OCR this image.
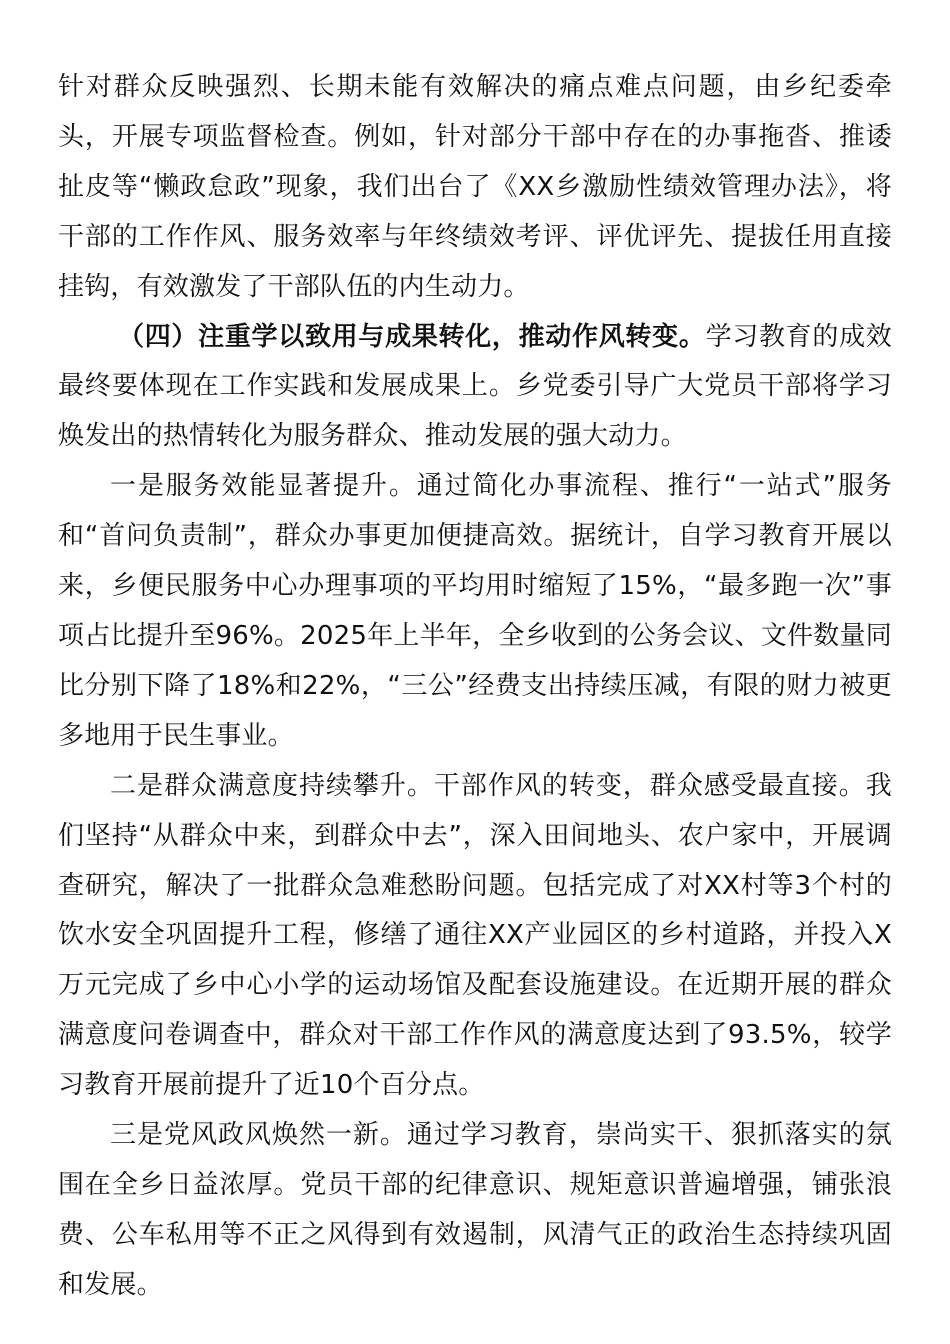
针对群众反映强烈、长期未能有效解决的痛点难点问题，由乡纪委牵头，开展专项监督检查。例如，针对部分干部中存在的办事拖沓、推诿扯皮等“懒政怠政”现象，我们出台了《XX乡激励性绩效管理办法》，将干部的工作作风、服务效率与年终绩效考评、评优评先、提拔任用直接挂钩，有效激发了干部队伍的内生动力。

（四）注重学以致用与成果转化，推动作风转变。学习教育的成效最终要体现在工作实践和发展成果上。乡党委引导广大党员干部将学习焕发出的热情转化为服务群众、推动发展的强大动力。

一是服务效能显著提升。通过简化办事流程、推行“一站式”服务和“首问负责制”，群众办事更加便捷高效。据统计，自学习教育开展以来，乡便民服务中心办理事项的平均用时缩短了15%，“最多跑一次”事项占比提升至96%。2025年上半年，全乡收到的公务会议、文件数量同比分别下降了18%和22%，“三公”经费支出持续压减，有限的财力被更多地用于民生事业。

二是群众满意度持续攀升。干部作风的转变，群众感受最直接。我们坚持“从群众中来，到群众中去”，深入田间地头、农户家中，开展调查研究，解决了一批群众急难愁盼问题。包括完成了对XX村等3个村的饮水安全巩固提升工程，修缮了通往XX产业园区的乡村道路，并投入X万元完成了乡中心小学的运动场馆及配套设施建设。在近期开展的群众满意度问卷调查中，群众对干部工作作风的满意度达到了93.5%，较学习教育开展前提升了近10个百分点。

三是党风政风焕然一新。通过学习教育，崇尚实干、狠抓落实的氛围在全乡日益浓厚。党员干部的纪律意识、规矩意识普遍增强，铺张浪费、公车私用等不正之风得到有效遏制，风清气正的政治生态持续巩固和发展。
